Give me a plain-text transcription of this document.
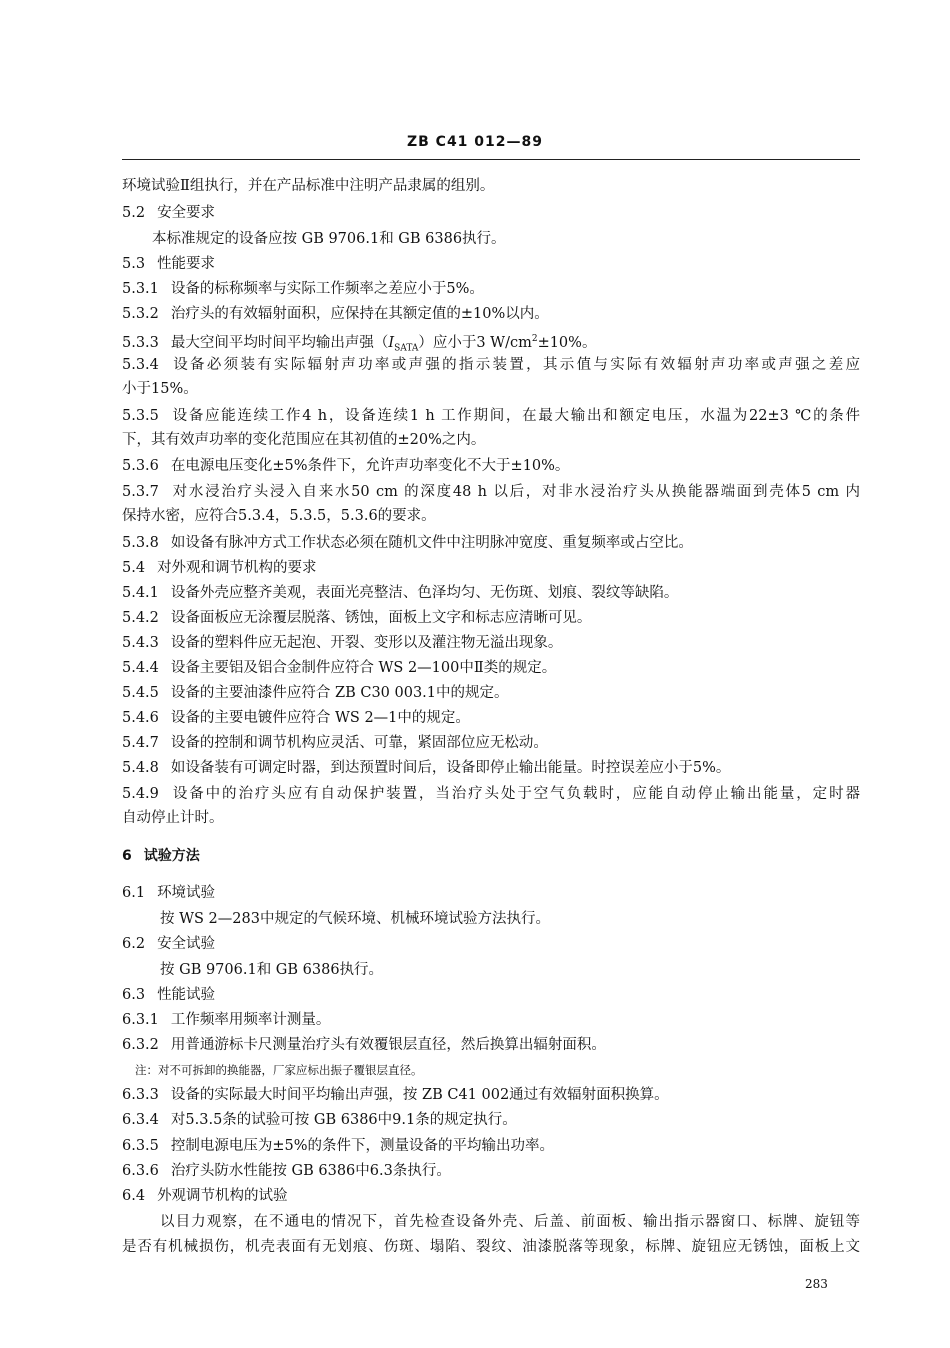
ZB C41 012—89
环境试验Ⅱ组执行，并在产品标准中注明产品隶属的组别。
5.2 安全要求
本标准规定的设备应按 GB 9706.1和 GB 6386执行。
5.3 性能要求
5.3.1 设备的标称频率与实际工作频率之差应小于5%。
5.3.2 治疗头的有效辐射面积，应保持在其额定值的±10%以内。
5.3.3 最大空间平均时间平均输出声强$(I_{SATA})$应小于3 $W/cm^2\pm 10\%$。
5.3.4 设备必须装有实际辐射声功率或声强的指示装置，其示值与实际有效辐射声功率或声强之差应
小于15%。
5.3.5 设备应能连续工作4 h，设备连续1 h 工作期间，在最大输出和额定电压，水温为22±3 ℃的条件
下，其有效声功率的变化范围应在其初值的±20%之内。
5.3.6 在电源电压变化±5%条件下，允许声功率变化不大于±10%。
5.3.7 对水浸治疗头浸入自来水50 cm 的深度48 h 以后，对非水浸治疗头从换能器端面到壳体5 cm 内
保持水密，应符合5.3.4，5.3.5，5.3.6的要求。
5.3.8 如设备有脉冲方式工作状态必须在随机文件中注明脉冲宽度、重复频率或占空比。
5.4 对外观和调节机构的要求
5.4.1 设备外壳应整齐美观，表面光亮整洁、色泽均匀、无伤斑、划痕、裂纹等缺陷。
5.4.2 设备面板应无涂覆层脱落、锈蚀，面板上文字和标志应清晰可见。
5.4.3 设备的塑料件应无起泡、开裂、变形以及灌注物无溢出现象。
5.4.4 设备主要铝及铝合金制件应符合 WS 2—100中Ⅱ类的规定。
5.4.5 设备的主要油漆件应符合 ZB C30 003.1中的规定。
5.4.6 设备的主要电镀件应符合 WS 2—1中的规定。
5.4.7 设备的控制和调节机构应灵活、可靠，紧固部位应无松动。
5.4.8 如设备装有可调定时器，到达预置时间后，设备即停止输出能量。时控误差应小于5%。
5.4.9 设备中的治疗头应有自动保护装置，当治疗头处于空气负载时，应能自动停止输出能量，定时器
自动停止计时。
6 试验方法
6.1 环境试验
按 WS 2—283中规定的气候环境、机械环境试验方法执行。
6.2 安全试验
按 GB 9706.1和 GB 6386执行。
6.3 性能试验
6.3.1 工作频率用频率计测量。
6.3.2 用普通游标卡尺测量治疗头有效覆银层直径，然后换算出辐射面积。
注：对不可拆卸的换能器，厂家应标出振子覆银层直径。
6.3.3 设备的实际最大时间平均输出声强，按 ZB C41 002通过有效辐射面积换算。
6.3.4 对5.3.5条的试验可按 GB 6386中9.1条的规定执行。
6.3.5 控制电源电压为±5%的条件下，测量设备的平均输出功率。
6.3.6 治疗头防水性能按 GB 6386中6.3条执行。
6.4 外观调节机构的试验
以目力观察，在不通电的情况下，首先检查设备外壳、后盖、前面板、输出指示器窗口、标牌、旋钮等
是否有机械损伤，机壳表面有无划痕、伤斑、塌陷、裂纹、油漆脱落等现象，标牌、旋钮应无锈蚀，面板上文
283
